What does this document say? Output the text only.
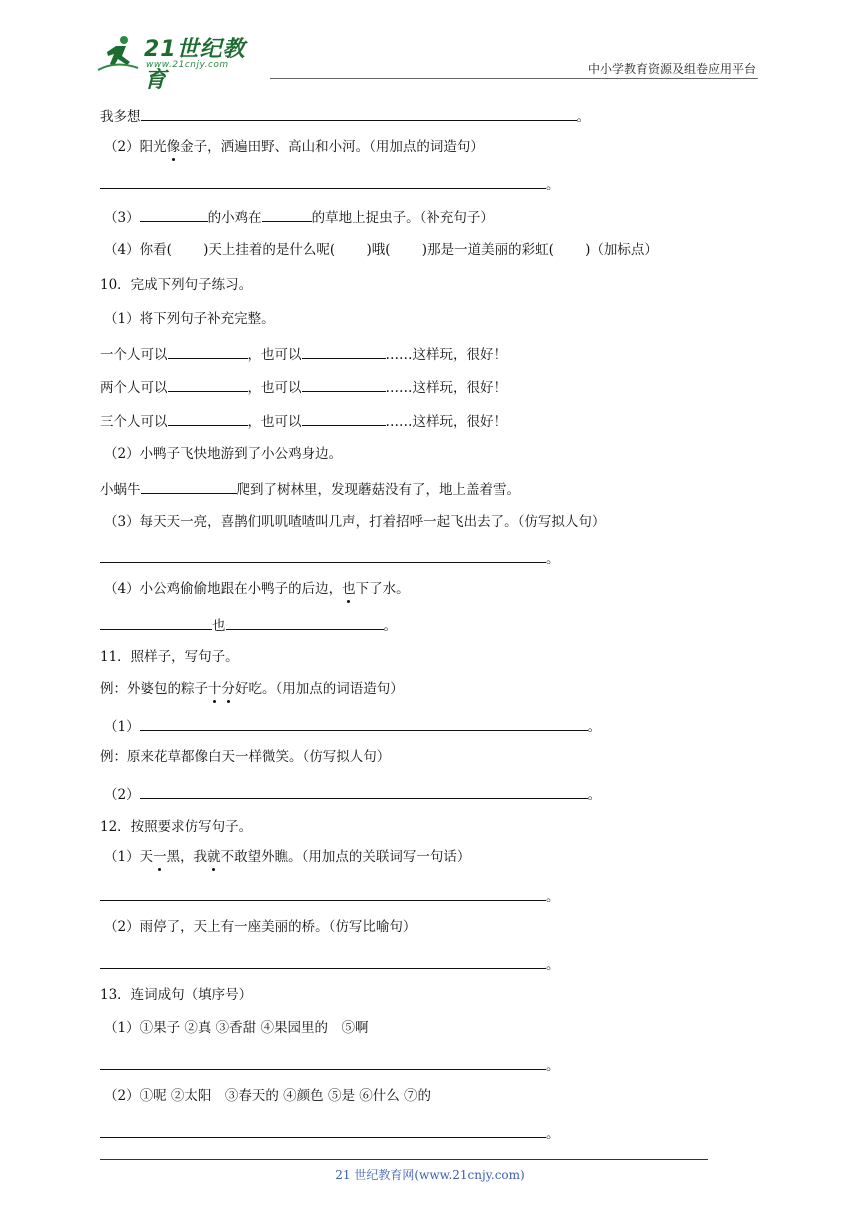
21世纪教育
www.21cnjy.com	中小学教育资源及组卷应用平台
我多想	。
（2）阳光像金子，洒遍田野、高山和小河。（用加点的词造句）
。
（3）	的小鸡在	的草地上捉虫子。（补充句子）
（4）你看(　　 )天上挂着的是什么呢(　　 )哦(　　 )那是一道美丽的彩虹(　　 )（加标点）
10．完成下列句子练习。
（1）将下列句子补充完整。
一个人可以	，也可以	……这样玩，很好！
两个人可以	，也可以	……这样玩，很好！
三个人可以	，也可以	……这样玩，很好！
（2）小鸭子飞快地游到了小公鸡身边。
小蜗牛	爬到了树林里，发现蘑菇没有了，地上盖着雪。
（3）每天天一亮，喜鹊们叽叽喳喳叫几声，打着招呼一起飞出去了。（仿写拟人句）
。
（4）小公鸡偷偷地跟在小鸭子的后边，也下了水。
也	。
11．照样子，写句子。
例：外婆包的粽子十分好吃。（用加点的词语造句）
（1）	。
例：原来花草都像白天一样微笑。（仿写拟人句）
（2）	。
12．按照要求仿写句子。
（1）天一黑，我就不敢望外瞧。（用加点的关联词写一句话）
。
（2）雨停了，天上有一座美丽的桥。（仿写比喻句）
。
13．连词成句（填序号）
（1）①果子 ②真 ③香甜 ④果园里的　⑤啊
。
（2）①呢 ②太阳　③春天的 ④颜色 ⑤是 ⑥什么 ⑦的
。
21 世纪教育网(www.21cnjy.com)
